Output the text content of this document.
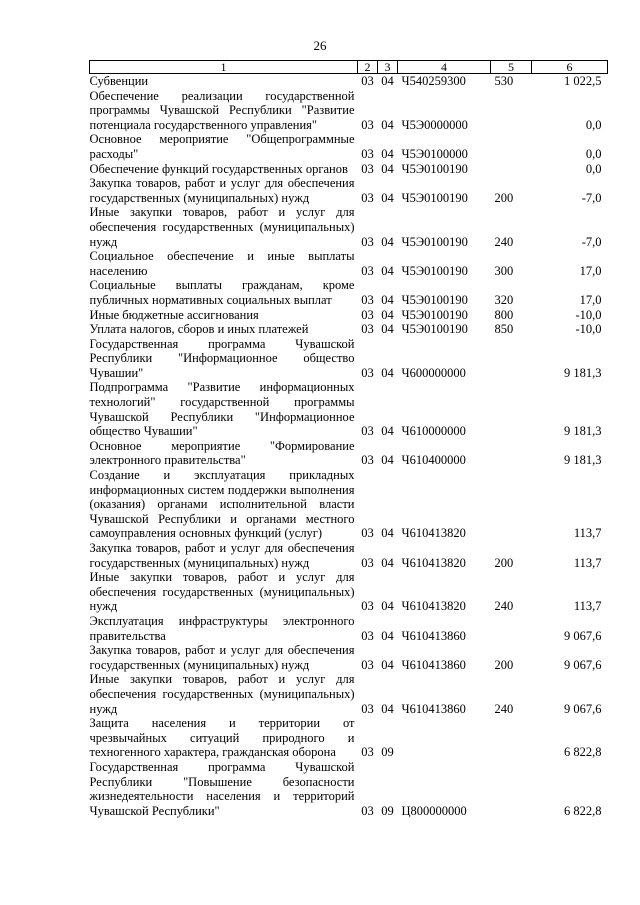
26
1	2	3	4	5	6
Субвенции	03	04	Ч540259300	530	1 022,5
Обеспечение реализации государственной программы Чувашской Республики "Развитие потенциала государственного управления"	03	04	Ч5Э0000000		0,0
Основное мероприятие "Общепрограммные расходы"	03	04	Ч5Э0100000		0,0
Обеспечение функций государственных органов	03	04	Ч5Э0100190		0,0
Закупка товаров, работ и услуг для обеспечения государственных (муниципальных) нужд	03	04	Ч5Э0100190	200	-7,0
Иные закупки товаров, работ и услуг для обеспечения государственных (муниципальных) нужд	03	04	Ч5Э0100190	240	-7,0
Социальное обеспечение и иные выплаты населению	03	04	Ч5Э0100190	300	17,0
Социальные выплаты гражданам, кроме публичных нормативных социальных выплат	03	04	Ч5Э0100190	320	17,0
Иные бюджетные ассигнования	03	04	Ч5Э0100190	800	-10,0
Уплата налогов, сборов и иных платежей	03	04	Ч5Э0100190	850	-10,0
Государственная программа Чувашской Республики "Информационное общество Чувашии"	03	04	Ч600000000		9 181,3
Подпрограмма "Развитие информационных технологий" государственной программы Чувашской Республики "Информационное общество Чувашии"	03	04	Ч610000000		9 181,3
Основное мероприятие "Формирование электронного правительства"	03	04	Ч610400000		9 181,3
Создание и эксплуатация прикладных информационных систем поддержки выполнения (оказания) органами исполнительной власти Чувашской Республики и органами местного самоуправления основных функций (услуг)	03	04	Ч610413820		113,7
Закупка товаров, работ и услуг для обеспечения государственных (муниципальных) нужд	03	04	Ч610413820	200	113,7
Иные закупки товаров, работ и услуг для обеспечения государственных (муниципальных) нужд	03	04	Ч610413820	240	113,7
Эксплуатация инфраструктуры электронного правительства	03	04	Ч610413860		9 067,6
Закупка товаров, работ и услуг для обеспечения государственных (муниципальных) нужд	03	04	Ч610413860	200	9 067,6
Иные закупки товаров, работ и услуг для обеспечения государственных (муниципальных) нужд	03	04	Ч610413860	240	9 067,6
Защита населения и территории от чрезвычайных ситуаций природного и техногенного характера, гражданская оборона	03	09			6 822,8
Государственная программа Чувашской Республики "Повышение безопасности жизнедеятельности населения и территорий Чувашской Республики"	03	09	Ц800000000		6 822,8
